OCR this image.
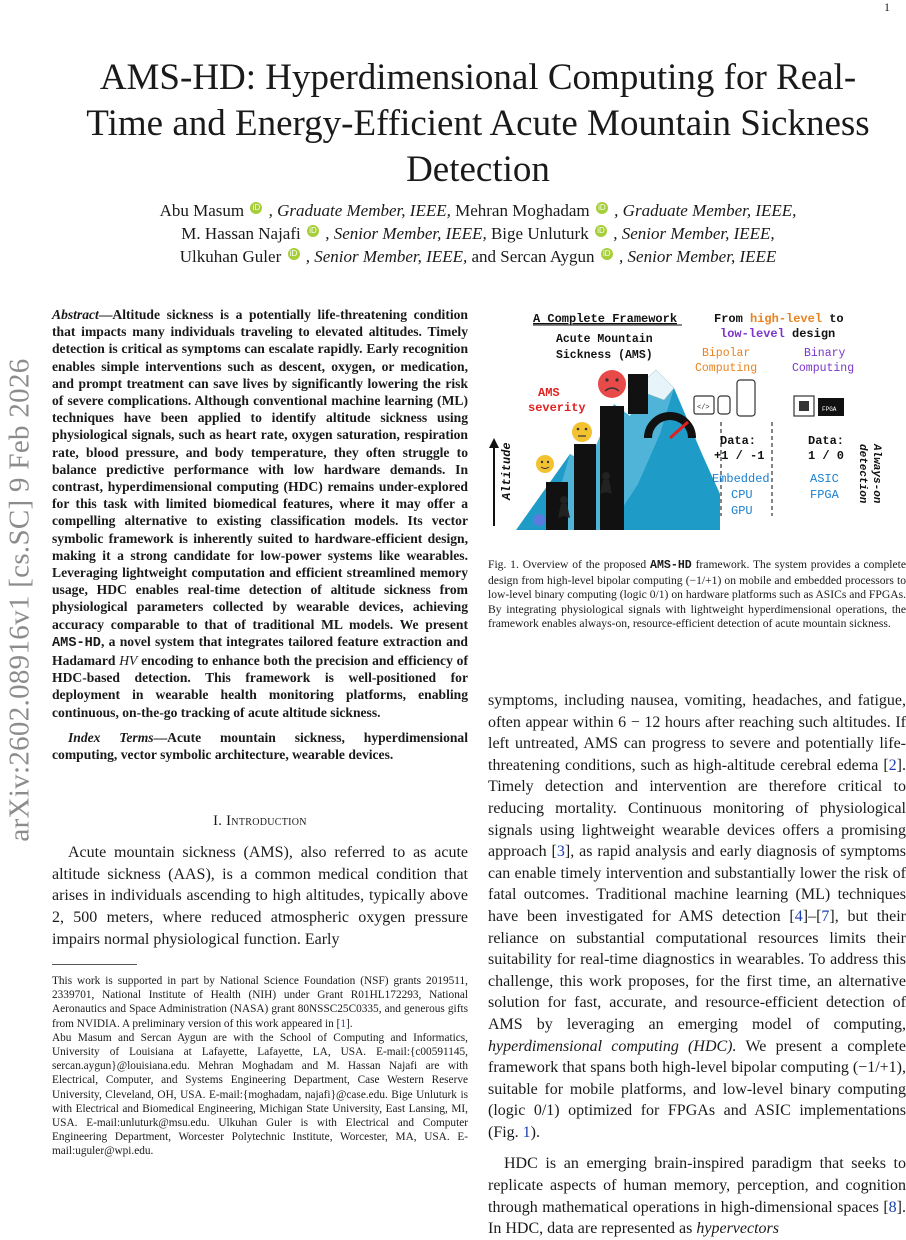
1
arXiv:2602.08916v1 [cs.SC] 9 Feb 2026
AMS-HD: Hyperdimensional Computing for Real-Time and Energy-Efficient Acute Mountain Sickness Detection
Abu Masum iD , Graduate Member, IEEE, Mehran Moghadam iD , Graduate Member, IEEE,
M. Hassan Najafi iD , Senior Member, IEEE, Bige Unluturk iD , Senior Member, IEEE,
Ulkuhan Guler iD , Senior Member, IEEE, and Sercan Aygun iD , Senior Member, IEEE

Abstract—Altitude sickness is a potentially life-threatening condition that impacts many individuals traveling to elevated altitudes. Timely detection is critical as symptoms can escalate rapidly. Early recognition enables simple interventions such as descent, oxygen, or medication, and prompt treatment can save lives by significantly lowering the risk of severe complications. Although conventional machine learning (ML) techniques have been applied to identify altitude sickness using physiological signals, such as heart rate, oxygen saturation, respiration rate, blood pressure, and body temperature, they often struggle to balance predictive performance with low hardware demands. In contrast, hyperdimensional computing (HDC) remains under-explored for this task with limited biomedical features, where it may offer a compelling alternative to existing classification models. Its vector symbolic framework is inherently suited to hardware-efficient design, making it a strong candidate for low-power systems like wearables. Leveraging lightweight computation and efficient streamlined memory usage, HDC enables real-time detection of altitude sickness from physiological parameters collected by wearable devices, achieving accuracy comparable to that of traditional ML models. We present AMS-HD, a novel system that integrates tailored feature extraction and Hadamard HV encoding to enhance both the precision and efficiency of HDC-based detection. This framework is well-positioned for deployment in wearable health monitoring platforms, enabling continuous, on-the-go tracking of acute altitude sickness.

Index Terms—Acute mountain sickness, hyperdimensional computing, vector symbolic architecture, wearable devices.

I. Introduction

Acute mountain sickness (AMS), also referred to as acute altitude sickness (AAS), is a common medical condition that arises in individuals ascending to high altitudes, typically above 2, 500 meters, where reduced atmospheric oxygen pressure impairs normal physiological function. Early

This work is supported in part by National Science Foundation (NSF) grants 2019511, 2339701, National Institute of Health (NIH) under Grant R01HL172293, National Aeronautics and Space Administration (NASA) grant 80NSSC25C0335, and generous gifts from NVIDIA. A preliminary version of this work appeared in [1].

Abu Masum and Sercan Aygun are with the School of Computing and Informatics, University of Louisiana at Lafayette, Lafayette, LA, USA. E-mail:{c00591145, sercan.aygun}@louisiana.edu. Mehran Moghadam and M. Hassan Najafi are with Electrical, Computer, and Systems Engineering Department, Case Western Reserve University, Cleveland, OH, USA. E-mail:{moghadam, najafi}@case.edu. Bige Unluturk is with Electrical and Biomedical Engineering, Michigan State University, East Lansing, MI, USA. E-mail:unluturk@msu.edu. Ulkuhan Guler is with Electrical and Computer Engineering Department, Worcester Polytechnic Institute, Worcester, MA, USA. E-mail:uguler@wpi.edu.

A Complete Framework	From high-level to
low-level design
Acute Mountain
Sickness (AMS)	Bipolar
Computing
Binary
Computing
AMS
severity
Altitude
</>	FPGA
Data:
+1 / -1
Data:
1 / 0
Embedded
CPU
GPU
ASIC
FPGA	Always-on
detection

Fig. 1. Overview of the proposed AMS-HD framework. The system provides a complete design from high-level bipolar computing (−1/+1) on mobile and embedded processors to low-level binary computing (logic 0/1) on hardware platforms such as ASICs and FPGAs. By integrating physiological signals with lightweight hyperdimensional operations, the framework enables always-on, resource-efficient detection of acute mountain sickness.

symptoms, including nausea, vomiting, headaches, and fatigue, often appear within 6 − 12 hours after reaching such altitudes. If left untreated, AMS can progress to severe and potentially life-threatening conditions, such as high-altitude cerebral edema [2]. Timely detection and intervention are therefore critical to reducing mortality. Continuous monitoring of physiological signals using lightweight wearable devices offers a promising approach [3], as rapid analysis and early diagnosis of symptoms can enable timely intervention and substantially lower the risk of fatal outcomes. Traditional machine learning (ML) techniques have been investigated for AMS detection [4]–[7], but their reliance on substantial computational resources limits their suitability for real-time diagnostics in wearables. To address this challenge, this work proposes, for the first time, an alternative solution for fast, accurate, and resource-efficient detection of AMS by leveraging an emerging model of computing, hyperdimensional computing (HDC). We present a complete framework that spans both high-level bipolar computing (−1/+1), suitable for mobile platforms, and low-level binary computing (logic 0/1) optimized for FPGAs and ASIC implementations (Fig. 1).

HDC is an emerging brain-inspired paradigm that seeks to replicate aspects of human memory, perception, and cognition through mathematical operations in high-dimensional spaces [8]. In HDC, data are represented as hypervectors
